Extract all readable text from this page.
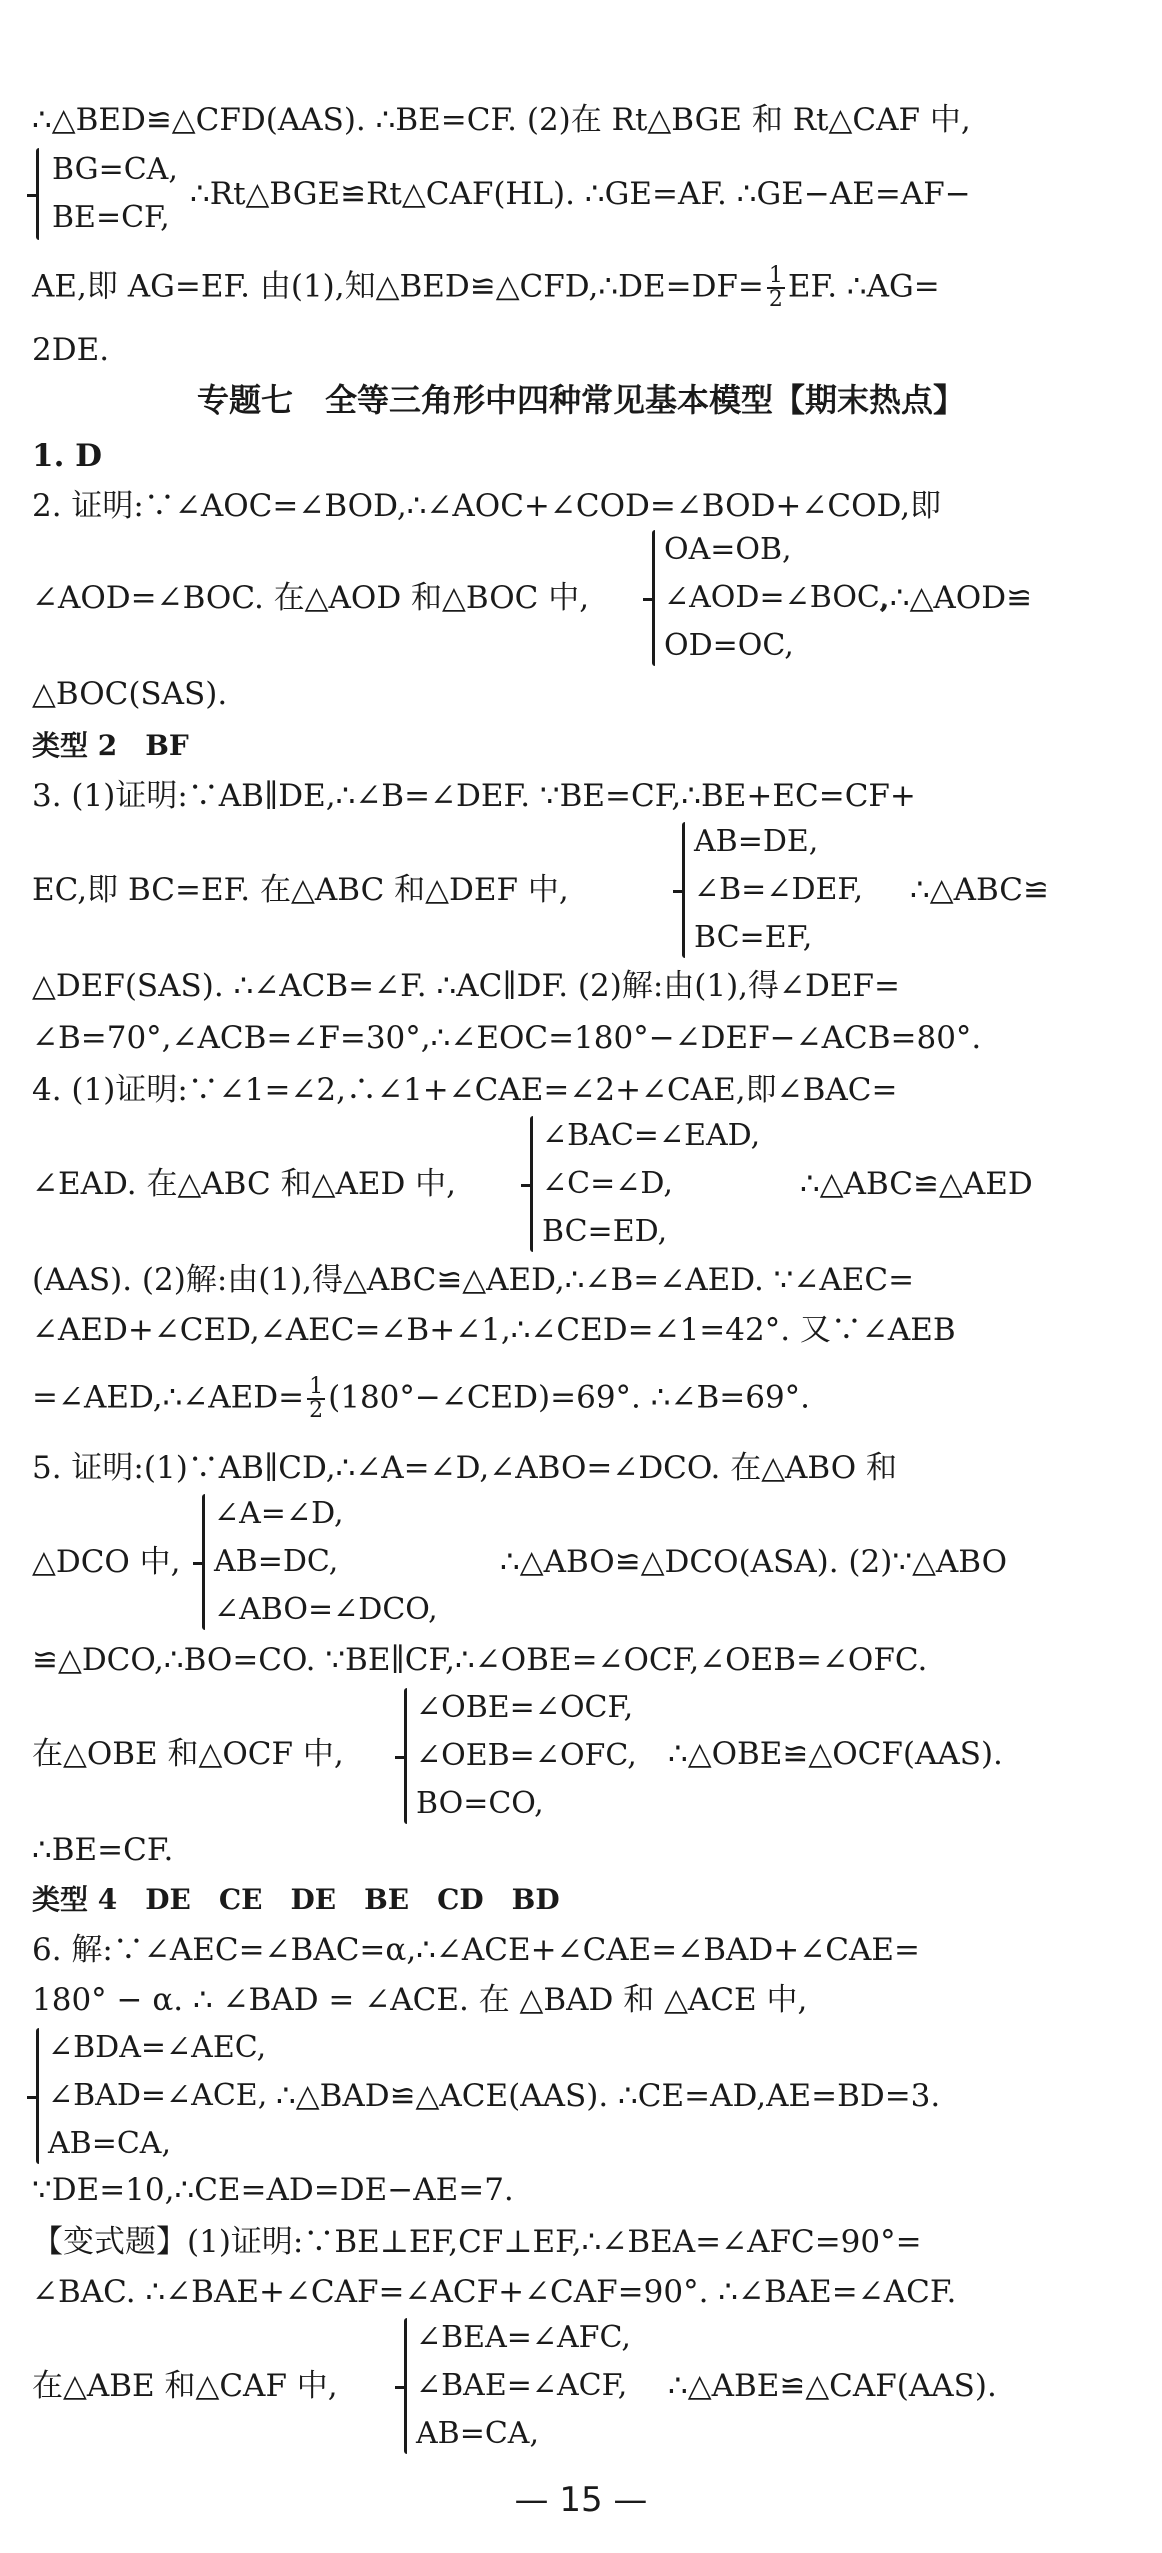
∴△BED≌△CFD(AAS). ∴BE=CF. (2)在 Rt△BGE 和 Rt△CAF 中,
BG=CA,
BE=CF,
∴Rt△BGE≌Rt△CAF(HL). ∴GE=AF. ∴GE−AE=AF−
AE,即 AG=EF. 由(1),知△BED≌△CFD,∴DE=DF= $\frac{1}{2}$ EF. ∴AG=
2DE.
专题七　全等三角形中四种常见基本模型【期末热点】
1. D
2. 证明:∵∠AOC=∠BOD,∴∠AOC+∠COD=∠BOD+∠COD,即
∠AOD=∠BOC. 在△AOD 和△BOC 中,
OA=OB,
∠AOD=∠BOC,
OD=OC,
,∴△AOD≌
△BOC(SAS).
类型 2　BF
3. (1)证明:∵AB∥DE,∴∠B=∠DEF. ∵BE=CF,∴BE+EC=CF+
EC,即 BC=EF. 在△ABC 和△DEF 中,
AB=DE,
∠B=∠DEF,
BC=EF,
∴△ABC≌
△DEF(SAS). ∴∠ACB=∠F. ∴AC∥DF. (2)解:由(1),得∠DEF=
∠B=70°,∠ACB=∠F=30°,∴∠EOC=180°−∠DEF−∠ACB=80°.
4. (1)证明:∵∠1=∠2,∴∠1+∠CAE=∠2+∠CAE,即∠BAC=
∠EAD. 在△ABC 和△AED 中,
∠BAC=∠EAD,
∠C=∠D,
BC=ED,
∴△ABC≌△AED
(AAS). (2)解:由(1),得△ABC≌△AED,∴∠B=∠AED. ∵∠AEC=
∠AED+∠CED,∠AEC=∠B+∠1,∴∠CED=∠1=42°. 又∵∠AEB
=∠AED,∴∠AED= $\frac{1}{2}$ (180°−∠CED)=69°. ∴∠B=69°.
5. 证明:(1)∵AB∥CD,∴∠A=∠D,∠ABO=∠DCO. 在△ABO 和
△DCO 中,
∠A=∠D,
AB=DC,
∠ABO=∠DCO,
∴△ABO≌△DCO(ASA). (2)∵△ABO
≌△DCO,∴BO=CO. ∵BE∥CF,∴∠OBE=∠OCF,∠OEB=∠OFC.
在△OBE 和△OCF 中,
∠OBE=∠OCF,
∠OEB=∠OFC,
BO=CO,
∴△OBE≌△OCF(AAS).
∴BE=CF.
类型 4　DE　CE　DE　BE　CD　BD
6. 解:∵∠AEC=∠BAC=α,∴∠ACE+∠CAE=∠BAD+∠CAE=
180° − α. ∴ ∠BAD = ∠ACE. 在 △BAD 和 △ACE 中,
∠BDA=∠AEC,
∠BAD=∠ACE,
AB=CA,
∴△BAD≌△ACE(AAS). ∴CE=AD,AE=BD=3.
∵DE=10,∴CE=AD=DE−AE=7.
【变式题】(1)证明:∵BE⊥EF,CF⊥EF,∴∠BEA=∠AFC=90°=
∠BAC. ∴∠BAE+∠CAF=∠ACF+∠CAF=90°. ∴∠BAE=∠ACF.
在△ABE 和△CAF 中,
∠BEA=∠AFC,
∠BAE=∠ACF,
AB=CA,
∴△ABE≌△CAF(AAS).
— 15 —
